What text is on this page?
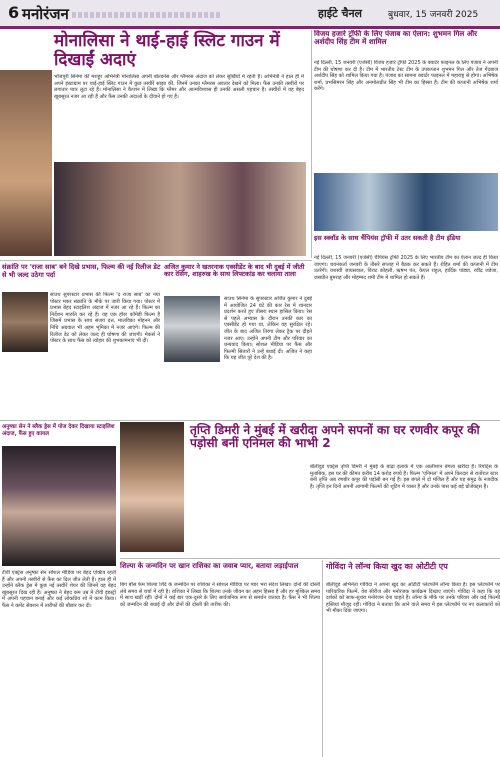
6 मनोरंजन	हाईटे चैनल	बुधवार, 15 जनवरी 2025
मोनालिसा ने थाई-हाई स्लिट गाउन में दिखाईं अदाएं
भोजपुरी सिनेमा की मशहूर अभिनेत्री मोनालिसा अपनी बोल्डनेस और ग्लैमरस अंदाज को लेकर सुर्खियों में रहती हैं। अभिनेत्री ने हाल ही में अपने इंस्टाग्राम पर थाई-हाई स्लिट गाउन में कुछ तस्वीरें साझा कीं, जिनमें उनका ग्लैमरस अवतार देखने को मिला। फैंस उनकी तस्वीरों पर लगातार प्यार लुटा रहे हैं। मोनालिसा ने कैप्शन में लिखा कि ग्लैमर और आत्मविश्वास ही उनकी असली पहचान है। तस्वीरों में वह बेहद खूबसूरत नजर आ रही हैं और फैंस उनकी अदाओं के दीवाने हो गए हैं।
विजय हजारे ट्रॉफी के लिए पंजाब का ऐलान: शुभमन गिल और अर्शदीप सिंह टीम में शामिल
नई दिल्ली, 15 जनवरी (एजेंसी) विजय हजारे ट्रॉफी 2025 के क्वार्टर फाइनल के लिए पंजाब ने अपनी टीम की घोषणा कर दी है। टीम में भारतीय टेस्ट टीम के उपकप्तान शुभमन गिल और तेज गेंदबाज अर्शदीप सिंह को शामिल किया गया है। पंजाब का सामना क्वार्टर फाइनल में महाराष्ट्र से होगा। अभिषेक शर्मा, प्रभसिमरन सिंह और अनमोलप्रीत सिंह भी टीम का हिस्सा हैं। टीम की कप्तानी अभिषेक शर्मा करेंगे।
इस स्क्वॉड के साथ चैंपियंस ट्रॉफी में उतर सकती है टीम इंडिया
नई दिल्ली, 15 जनवरी (एजेंसी) चैंपियंस ट्रॉफी 2025 के लिए भारतीय टीम का ऐलान जल्द ही किया जाएगा। चयनकर्ता जनवरी के तीसरे सप्ताह में बैठक कर सकते हैं। रोहित शर्मा की कप्तानी में टीम उतरेगी। यशस्वी जायसवाल, विराट कोहली, ऋषभ पंत, केएल राहुल, हार्दिक पांड्या, रवींद्र जडेजा, जसप्रीत बुमराह और मोहम्मद शमी टीम में शामिल हो सकते हैं।
संक्रांति पर 'राजा साब' बने दिखे प्रभास, फिल्म की नई रिलीज डेट से भी जल्द उठेगा पर्दा
साउथ सुपरस्टार प्रभास की फिल्म 'द राजा साब' का नया पोस्टर मकर संक्रांति के मौके पर जारी किया गया। पोस्टर में प्रभास बेहद स्टाइलिश अंदाज में नजर आ रहे हैं। फिल्म का निर्देशन मारुति कर रहे हैं। यह एक हॉरर कॉमेडी फिल्म है जिसमें प्रभास के साथ संजय दत्त, मालविका मोहनन और निधि अग्रवाल भी अहम भूमिका में नजर आएंगे। फिल्म की रिलीज डेट को लेकर जल्द ही घोषणा की जाएगी। मेकर्स ने पोस्टर के साथ फैंस को त्योहार की शुभकामनाएं भी दीं।
अजित कुमार ने खतरनाक एक्सीडेंट के बाद भी दुबई में जीती कार रेसिंग, शाहरुख के साथ लिफ्टकांड कर चलाया ताला
साउथ सिनेमा के सुपरस्टार अजित कुमार ने दुबई में आयोजित 24 घंटे की कार रेस में शानदार प्रदर्शन करते हुए तीसरा स्थान हासिल किया। रेस से पहले अभ्यास के दौरान उनकी कार का एक्सीडेंट हो गया था, लेकिन वह सुरक्षित रहे। जीत के बाद अजित तिरंगा लेकर ट्रैक पर दौड़ते नजर आए। उन्होंने अपनी टीम और परिवार का धन्यवाद किया। सोशल मीडिया पर फैंस और फिल्मी सितारों ने उन्हें बधाई दी। अजित ने कहा कि यह जीत पूरे देश की है।
अनुष्का सेन ने ब्लैक ड्रेस में पोज देकर दिखाया स्टाइलिश अंदाज, फैंस हुए कायल
टीवी एक्ट्रेस अनुष्का सेन सोशल मीडिया पर बेहद एक्टिव रहती हैं और अपनी तस्वीरों से फैंस का दिल जीत लेती हैं। हाल ही में उन्होंने ब्लैक ड्रेस में कुछ नई तस्वीरें शेयर कीं जिनमें वह बेहद खूबसूरत दिख रही हैं। अनुष्का ने बेहद कम उम्र में टीवी इंडस्ट्री में अपनी पहचान बनाई और कई लोकप्रिय शो में काम किया। फैंस ने कमेंट सेक्शन में तारीफों की बौछार कर दी।
तृप्ति डिमरी ने मुंबई में खरीदा अपने सपनों का घर रणवीर कपूर की पड़ोसी बनीं एनिमल की भाभी 2
बॉलीवुड एक्ट्रेस तृप्ति डिमरी ने मुंबई के बांद्रा इलाके में एक आलीशान बंगला खरीदा है। रिपोर्ट्स के मुताबिक, इस घर की कीमत करीब 14 करोड़ रुपये है। फिल्म 'एनिमल' में अपने किरदार से रातोंरात स्टार बनी तृप्ति अब रणबीर कपूर की पड़ोसी बन गई हैं। इस बंगले में दो मंजिल हैं और यह समुद्र के नजदीक है। तृप्ति इन दिनों अपनी आगामी फिल्मों की शूटिंग में व्यस्त हैं और उनके पास कई बड़े प्रोजेक्ट्स हैं।
शिल्पा के जन्मदिन पर खान राशिका का जवाब प्यार, बताया लड़ाईपाल
बिग बॉस फेम शिल्पा शिंदे के जन्मदिन पर राशिका ने सोशल मीडिया पर प्यार भरा संदेश लिखा। दोनों की दोस्ती लंबे समय से चर्चा में रही है। राशिका ने लिखा कि शिल्पा उनके जीवन का अहम हिस्सा हैं और हर मुश्किल समय में साथ खड़ी रहीं। दोनों ने कई बार एक-दूसरे के लिए सार्वजनिक रूप से समर्थन जताया है। फैंस ने भी शिल्पा को जन्मदिन की बधाई दी और दोनों की दोस्ती की तारीफ की।
गोविंदा ने लॉन्च किया खुद का ओटीटी एप
बॉलीवुड अभिनेता गोविंदा ने अपना खुद का ओटीटी प्लेटफॉर्म लॉन्च किया है। इस प्लेटफॉर्म पर पारिवारिक फिल्में, वेब सीरीज और मनोरंजक कार्यक्रम दिखाए जाएंगे। गोविंदा ने कहा कि वह दर्शकों को साफ-सुथरा मनोरंजन देना चाहते हैं। लॉन्च के मौके पर उनके परिवार और कई फिल्मी हस्तियां मौजूद रहीं। गोविंदा ने बताया कि आने वाले समय में इस प्लेटफॉर्म पर नए कलाकारों को भी मौका दिया जाएगा।
